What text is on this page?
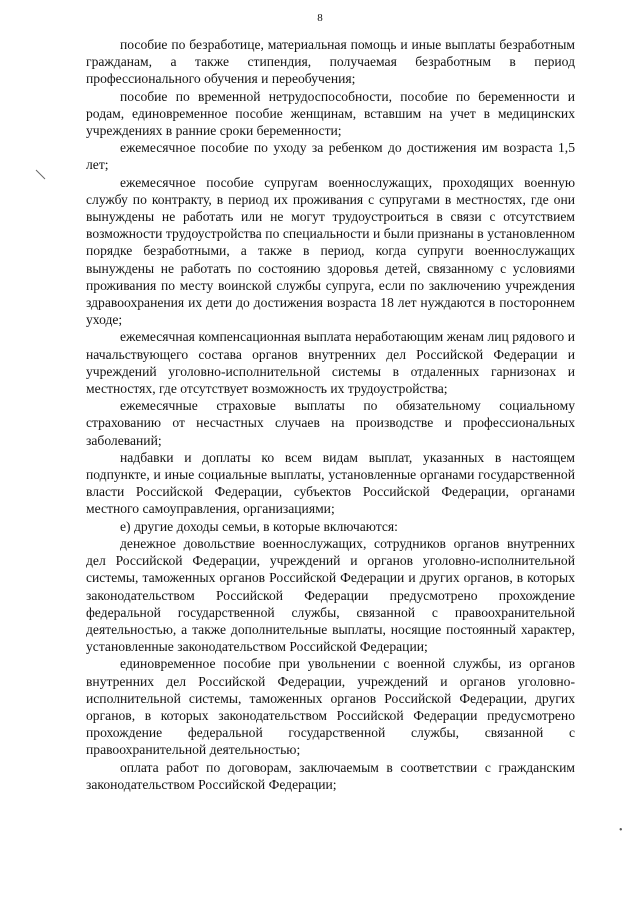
8

пособие по безработице, материальная помощь и иные выплаты безработным гражданам, а также стипендия, получаемая безработным в период профессионального обучения и переобучения;

пособие по временной нетрудоспособности, пособие по беременности и родам, единовременное пособие женщинам, вставшим на учет в медицинских учреждениях в ранние сроки беременности;

ежемесячное пособие по уходу за ребенком до достижения им возраста 1,5 лет;

ежемесячное пособие супругам военнослужащих, проходящих военную службу по контракту, в период их проживания с супругами в местностях, где они вынуждены не работать или не могут трудоустроиться в связи с отсутствием возможности трудоустройства по специальности и были признаны в установленном порядке безработными, а также в период, когда супруги военнослужащих вынуждены не работать по состоянию здоровья детей, связанному с условиями проживания по месту воинской службы супруга, если по заключению учреждения здравоохранения их дети до достижения возраста 18 лет нуждаются в постороннем уходе;

ежемесячная компенсационная выплата неработающим женам лиц рядового и начальствующего состава органов внутренних дел Российской Федерации и учреждений уголовно-исполнительной системы в отдаленных гарнизонах и местностях, где отсутствует возможность их трудоустройства;

ежемесячные страховые выплаты по обязательному социальному страхованию от несчастных случаев на производстве и профессиональных заболеваний;

надбавки и доплаты ко всем видам выплат, указанных в настоящем подпункте, и иные социальные выплаты, установленные органами государственной власти Российской Федерации, субъектов Российской Федерации, органами местного самоуправления, организациями;

е) другие доходы семьи, в которые включаются:

денежное довольствие военнослужащих, сотрудников органов внутренних дел Российской Федерации, учреждений и органов уголовно-исполнительной системы, таможенных органов Российской Федерации и других органов, в которых законодательством Российской Федерации предусмотрено прохождение федеральной государственной службы, связанной с правоохранительной деятельностью, а также дополнительные выплаты, носящие постоянный характер, установленные законодательством Российской Федерации;

единовременное пособие при увольнении с военной службы, из органов внутренних дел Российской Федерации, учреждений и органов уголовно-исполнительной системы, таможенных органов Российской Федерации, других органов, в которых законодательством Российской Федерации предусмотрено прохождение федеральной государственной службы, связанной с правоохранительной деятельностью;

оплата работ по договорам, заключаемым в соответствии с гражданским законодательством Российской Федерации;

•
